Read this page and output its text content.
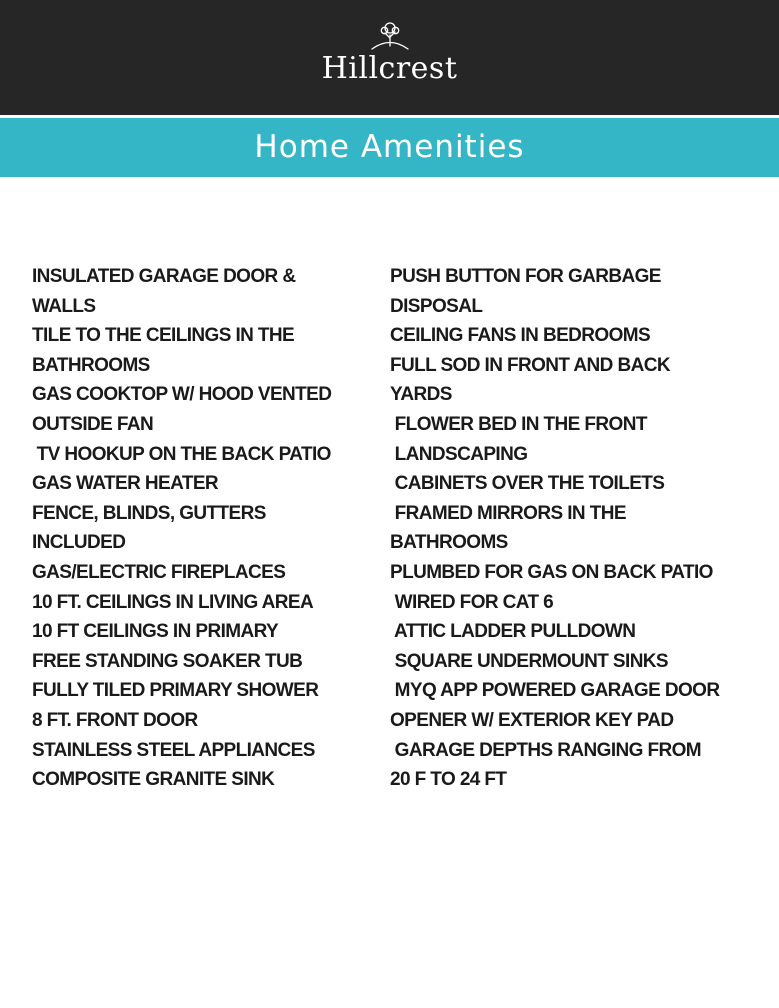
Hillcrest
Home Amenities
INSULATED GARAGE DOOR &
WALLS
TILE TO THE CEILINGS IN THE
BATHROOMS
GAS COOKTOP W/ HOOD VENTED
OUTSIDE FAN
TV HOOKUP ON THE BACK PATIO
GAS WATER HEATER
FENCE, BLINDS, GUTTERS
INCLUDED
GAS/ELECTRIC FIREPLACES
10 FT. CEILINGS IN LIVING AREA
10 FT CEILINGS IN PRIMARY
FREE STANDING SOAKER TUB
FULLY TILED PRIMARY SHOWER
8 FT. FRONT DOOR
STAINLESS STEEL APPLIANCES
COMPOSITE GRANITE SINK
PUSH BUTTON FOR GARBAGE
DISPOSAL
CEILING FANS IN BEDROOMS
FULL SOD IN FRONT AND BACK
YARDS
FLOWER BED IN THE FRONT
LANDSCAPING
CABINETS OVER THE TOILETS
FRAMED MIRRORS IN THE
BATHROOMS
PLUMBED FOR GAS ON BACK PATIO
WIRED FOR CAT 6
ATTIC LADDER PULLDOWN
SQUARE UNDERMOUNT SINKS
MYQ APP POWERED GARAGE DOOR
OPENER W/ EXTERIOR KEY PAD
GARAGE DEPTHS RANGING FROM
20 F TO 24 FT
